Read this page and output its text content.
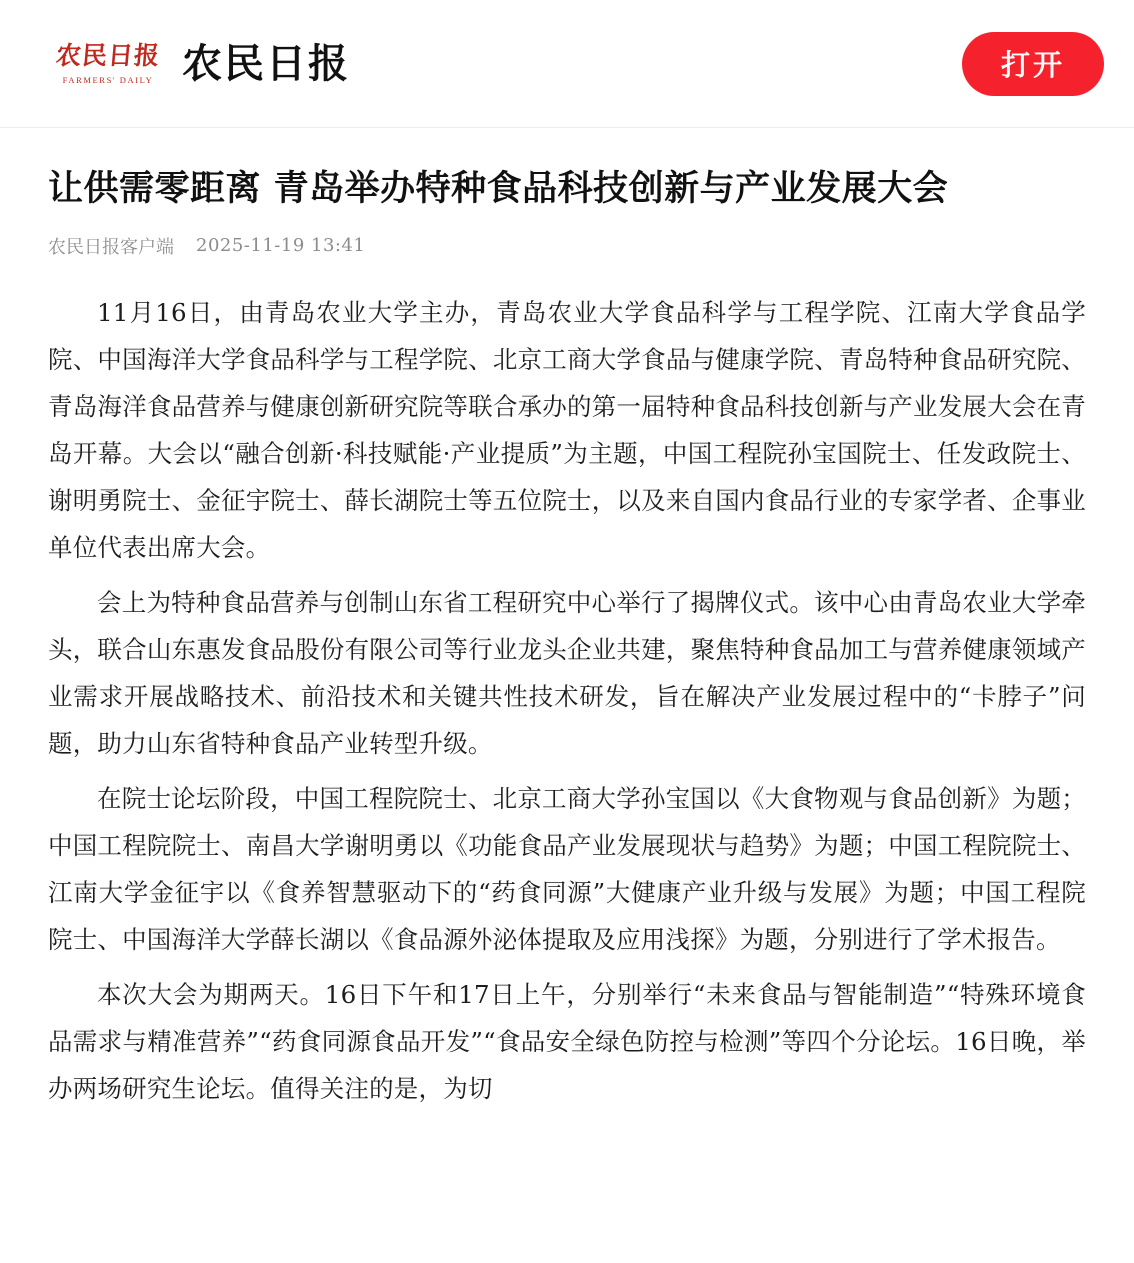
农民日报
FARMERS' DAILY 农民日报	打开
让供需零距离 青岛举办特种食品科技创新与产业发展大会
农民日报客户端 2025-11-19 13:41

11月16日，由青岛农业大学主办，青岛农业大学食品科学与工程学院、江南大学食品学院、中国海洋大学食品科学与工程学院、北京工商大学食品与健康学院、青岛特种食品研究院、青岛海洋食品营养与健康创新研究院等联合承办的第一届特种食品科技创新与产业发展大会在青岛开幕。大会以“融合创新·科技赋能·产业提质”为主题，中国工程院孙宝国院士、任发政院士、谢明勇院士、金征宇院士、薛长湖院士等五位院士，以及来自国内食品行业的专家学者、企事业单位代表出席大会。

会上为特种食品营养与创制山东省工程研究中心举行了揭牌仪式。该中心由青岛农业大学牵头，联合山东惠发食品股份有限公司等行业龙头企业共建，聚焦特种食品加工与营养健康领域产业需求开展战略技术、前沿技术和关键共性技术研发，旨在解决产业发展过程中的“卡脖子”问题，助力山东省特种食品产业转型升级。

在院士论坛阶段，中国工程院院士、北京工商大学孙宝国以《大食物观与食品创新》为题；中国工程院院士、南昌大学谢明勇以《功能食品产业发展现状与趋势》为题；中国工程院院士、江南大学金征宇以《食养智慧驱动下的“药食同源”大健康产业升级与发展》为题；中国工程院院士、中国海洋大学薛长湖以《食品源外泌体提取及应用浅探》为题，分别进行了学术报告。

本次大会为期两天。16日下午和17日上午，分别举行“未来食品与智能制造”“特殊环境食品需求与精准营养”“药食同源食品开发”“食品安全绿色防控与检测”等四个分论坛。16日晚，举办两场研究生论坛。值得关注的是，为切
